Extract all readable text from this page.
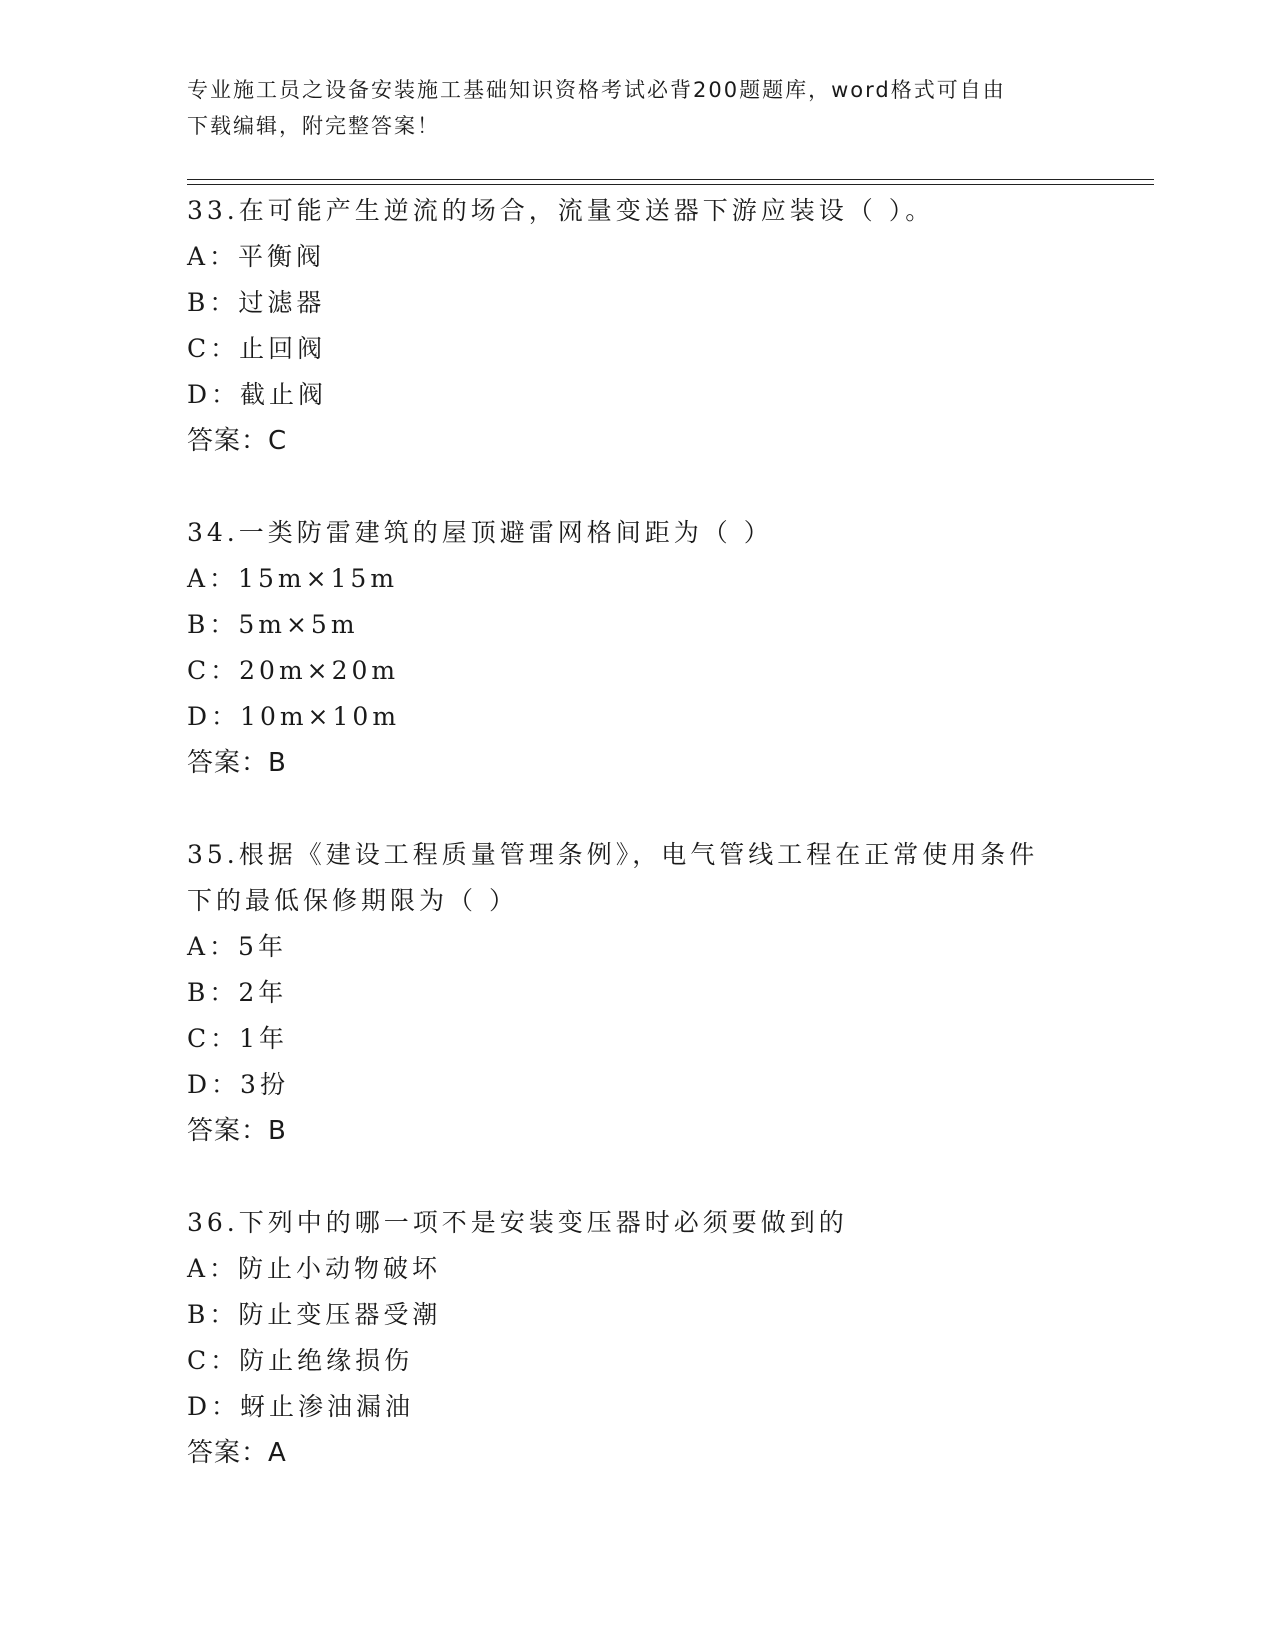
专业施工员之设备安装施工基础知识资格考试必背200题题库，word格式可自由
下载编辑，附完整答案！
33.在可能产生逆流的场合，流量变送器下游应装设（ ）。
A：平衡阀
B：过滤器
C：止回阀
D：截止阀
答案：C
34.一类防雷建筑的屋顶避雷网格间距为（ ）
A：15m×15m
B：5m×5m
C：20m×20m
D：10m×10m
答案：B
35.根据《建设工程质量管理条例》，电气管线工程在正常使用条件下的最低保修期限为（ ）
A：5年
B：2年
C：1年
D：3扮
答案：B
36.下列中的哪一项不是安装变压器时必须要做到的
A：防止小动物破坏
B：防止变压器受潮
C：防止绝缘损伤
D：蚜止渗油漏油
答案：A
